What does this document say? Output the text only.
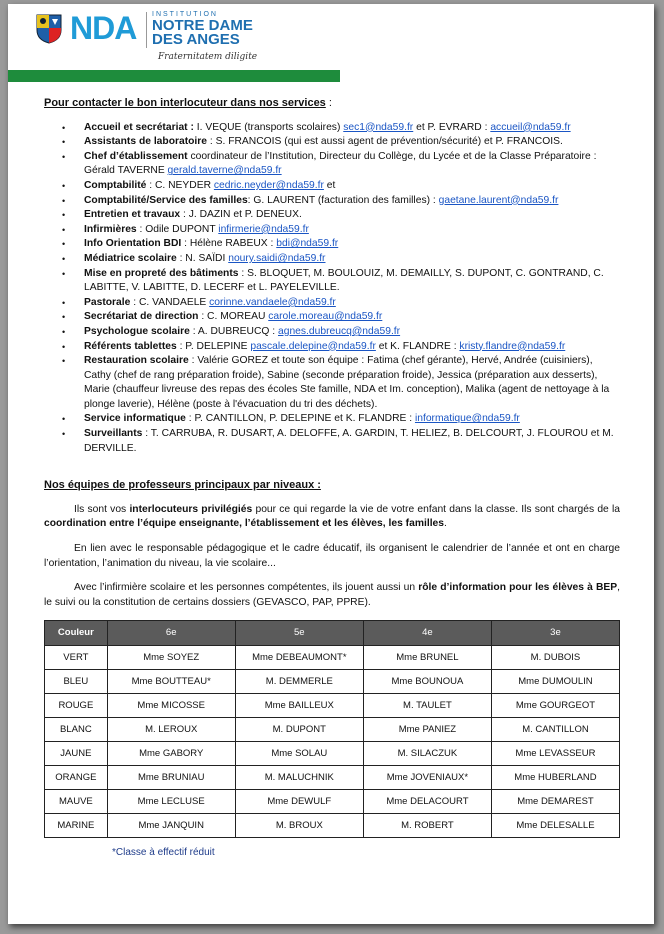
NDA INSTITUTION
NOTRE DAME
DES ANGES
Fraternitatem diligite
Pour contacter le bon interlocuteur dans nos services :
• Accueil et secrétariat : I. VEQUE (transports scolaires) sec1@nda59.fr et P. EVRARD : accueil@nda59.fr
• Assistants de laboratoire : S. FRANCOIS (qui est aussi agent de prévention/sécurité) et P. FRANCOIS.
• Chef d’établissement coordinateur de l’Institution, Directeur du Collège, du Lycée et de la Classe Préparatoire : Gérald TAVERNE gerald.taverne@nda59.fr
• Comptabilité : C. NEYDER cedric.neyder@nda59.fr et
• Comptabilité/Service des familles: G. LAURENT (facturation des familles) : gaetane.laurent@nda59.fr
• Entretien et travaux : J. DAZIN et P. DENEUX.
• Infirmières : Odile DUPONT infirmerie@nda59.fr
• Info Orientation BDI : Hélène RABEUX : bdi@nda59.fr
• Médiatrice scolaire : N. SAÏDI noury.saidi@nda59.fr
• Mise en propreté des bâtiments : S. BLOQUET, M. BOULOUIZ, M. DEMAILLY, S. DUPONT, C. GONTRAND, C. LABITTE, V. LABITTE, D. LECERF et L. PAYELEVILLE.
• Pastorale : C. VANDAELE corinne.vandaele@nda59.fr
• Secrétariat de direction : C. MOREAU carole.moreau@nda59.fr
• Psychologue scolaire : A. DUBREUCQ : agnes.dubreucq@nda59.fr
• Référents tablettes : P. DELEPINE pascale.delepine@nda59.fr et K. FLANDRE : kristy.flandre@nda59.fr
• Restauration scolaire : Valérie GOREZ et toute son équipe : Fatima (chef gérante), Hervé, Andrée (cuisiniers), Cathy (chef de rang préparation froide), Sabine (seconde préparation froide), Jessica (préparation aux desserts), Marie (chauffeur livreuse des repas des écoles Ste famille, NDA et Im. conception), Malika (agent de nettoyage à la plonge laverie), Hélène (poste à l'évacuation du tri des déchets).
• Service informatique : P. CANTILLON, P. DELEPINE et K. FLANDRE : informatique@nda59.fr
• Surveillants : T. CARRUBA, R. DUSART, A. DELOFFE, A. GARDIN, T. HELIEZ, B. DELCOURT, J. FLOUROU et M. DERVILLE.
Nos équipes de professeurs principaux par niveaux :

Ils sont vos interlocuteurs privilégiés pour ce qui regarde la vie de votre enfant dans la classe. Ils sont chargés de la coordination entre l’équipe enseignante, l’établissement et les élèves, les familles.

En lien avec le responsable pédagogique et le cadre éducatif, ils organisent le calendrier de l’année et ont en charge l’orientation, l’animation du niveau, la vie scolaire...

Avec l’infirmière scolaire et les personnes compétentes, ils jouent aussi un rôle d’information pour les élèves à BEP, le suivi ou la constitution de certains dossiers (GEVASCO, PAP, PPRE).

Couleur	6e	5e	4e	3e
VERT	Mme SOYEZ	Mme DEBEAUMONT*	Mme BRUNEL	M. DUBOIS
BLEU	Mme BOUTTEAU*	M. DEMMERLE	Mme BOUNOUA	Mme DUMOULIN
ROUGE	Mme MICOSSE	Mme BAILLEUX	M. TAULET	Mme GOURGEOT
BLANC	M. LEROUX	M. DUPONT	Mme PANIEZ	M. CANTILLON
JAUNE	Mme GABORY	Mme SOLAU	M. SILACZUK	Mme LEVASSEUR
ORANGE	Mme BRUNIAU	M. MALUCHNIK	Mme JOVENIAUX*	Mme HUBERLAND
MAUVE	Mme LECLUSE	Mme DEWULF	Mme DELACOURT	Mme DEMAREST
MARINE	Mme JANQUIN	M. BROUX	M. ROBERT	Mme DELESALLE
*Classe à effectif réduit
